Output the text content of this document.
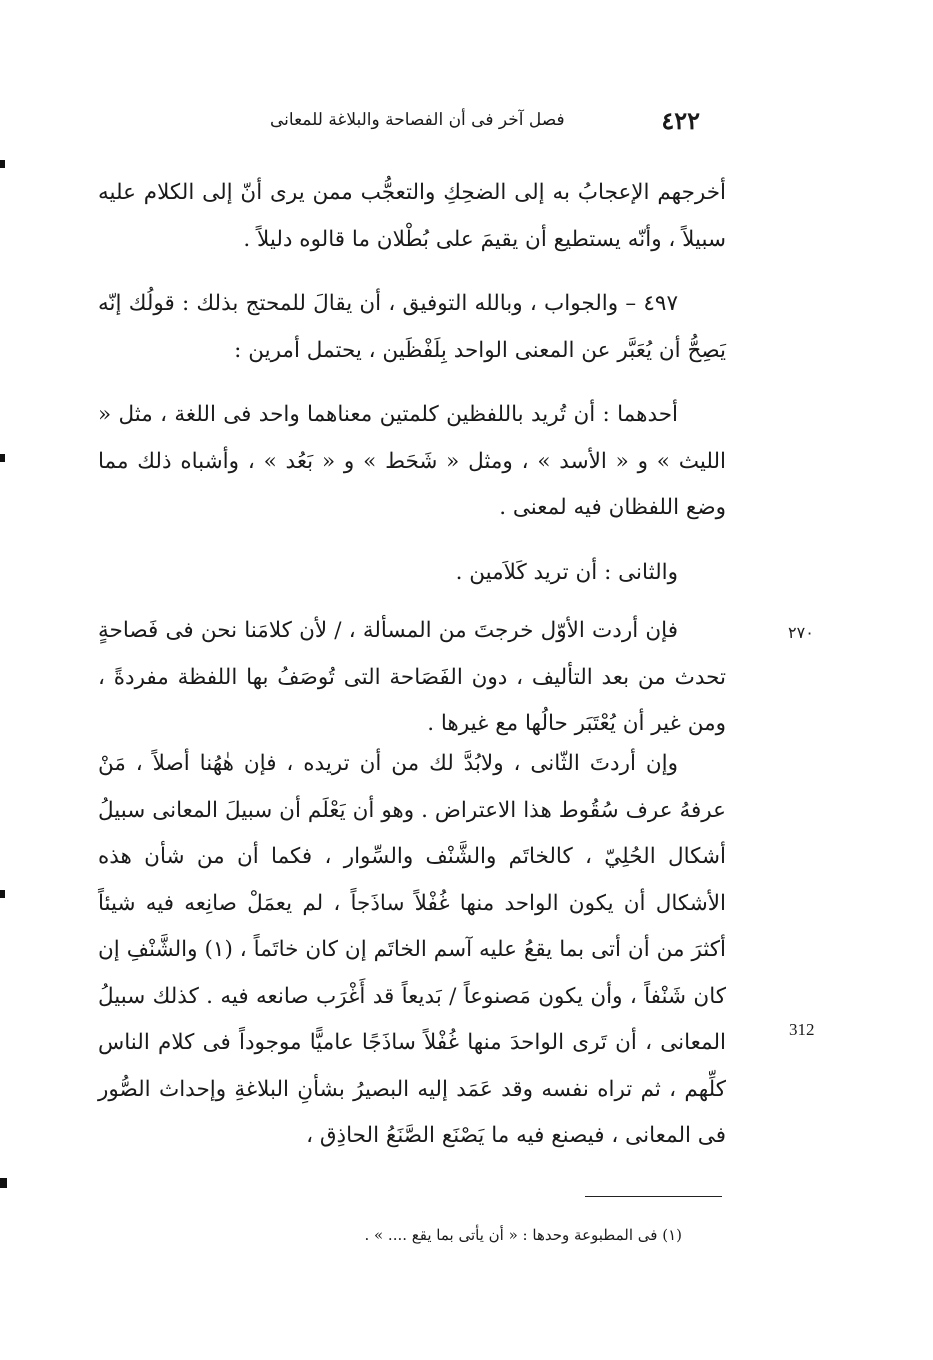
٤٢٢
فصل آخر فى أن الفصاحة والبلاغة للمعانى

أخرجهم الإعجابُ به إلى الضحِكِ والتعجُّب ممن يرى أنّ إلى الكلام عليه سبيلاً ، وأنّه يستطيع أن يقيمَ على بُطْلان ما قالوه دليلاً .

٤٩٧ – والجواب ، وبالله التوفيق ، أن يقالَ للمحتج بذلك : قولُك إنّه يَصِحُّ أن يُعَبَّر عن المعنى الواحد بِلَفْظَين ، يحتمل أمرين :

أحدهما : أن تُريد باللفظين كلمتين معناهما واحد فى اللغة ، مثل « الليث » و « الأسد » ، ومثل « شَحَط » و « بَعُد » ، وأشباه ذلك مما وضع اللفظان فيه لمعنى .

والثانى : أن تريد كَلاَمين .

فإن أردت الأوّل خرجتَ من المسألة ، / لأن كلامَنا نحن فى فَصاحةٍ تحدث من بعد التأليف ، دون الفَصَاحة التى تُوصَفُ بها اللفظة مفردةً ، ومن غير أن يُعْتَبَر حالُها مع غيرها .

وإن أردتَ الثّانى ، ولابُدَّ لك من أن تريده ، فإن هٰهُنا أصلاً ، مَنْ عرفهُ عرف سُقُوط هذا الاعتراض . وهو أن يَعْلَم أن سبيلَ المعانى سبيلُ أشكال الحُلِيّ ، كالخاتَم والشَّنْف والسِّوار ، فكما أن من شأن هذه الأشكال أن يكون الواحد منها غُفْلاً ساذَجاً ، لم يعمَلْ صانِعه فيه شيئاً أكثرَ من أن أتى بما يقعُ عليه آسم الخاتَم إن كان خاتَماً ، (١) والشَّنْفِ إن كان شَنْفاً ، وأن يكون مَصنوعاً / بَديعاً قد أَغْرَب صانعه فيه . كذلك سبيلُ المعانى ، أن تَرى الواحدَ منها غُفْلاً ساذَجًا عاميًّا موجوداً فى كلام الناس كلِّهم ، ثم تراه نفسه وقد عَمَد إليه البصيرُ بشأنِ البلاغةِ وإحداث الصُّور فى المعانى ، فيصنع فيه ما يَصْنَع الصَّنَعُ الحاذِق ،

٢٧٠
312
(١) فى المطبوعة وحدها : « أن يأتى بما يقع .... » .
